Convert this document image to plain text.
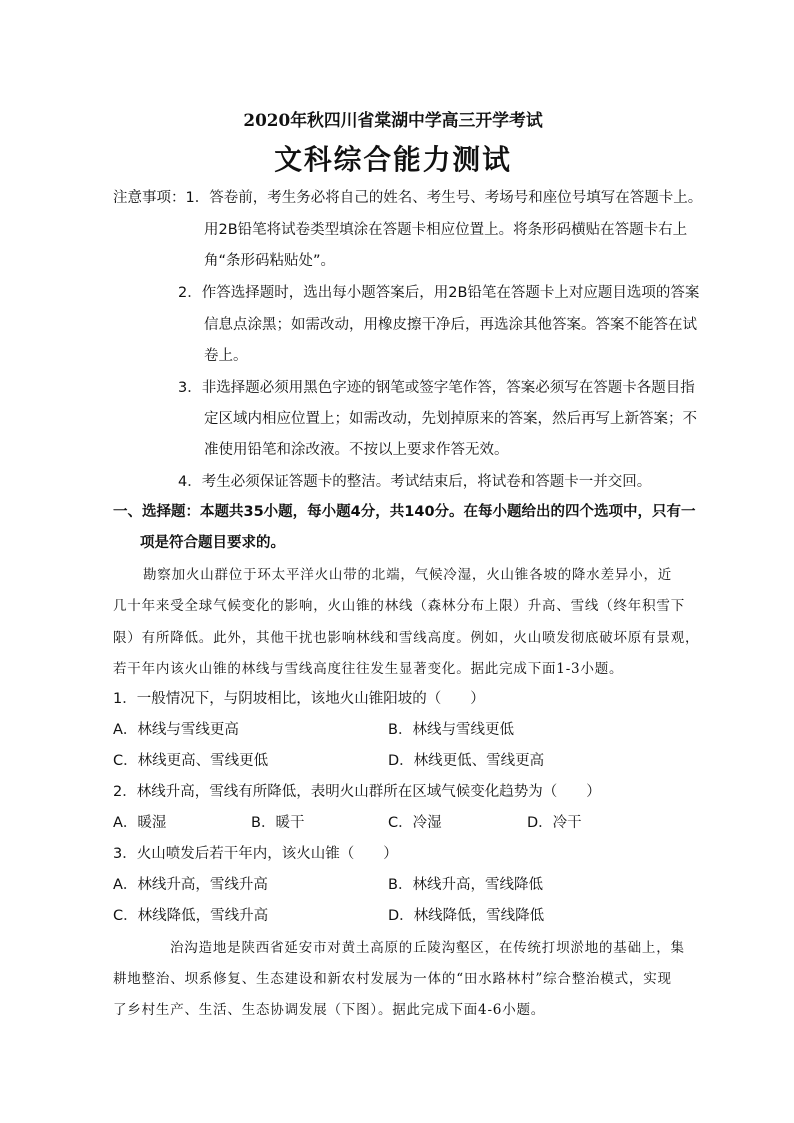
2020年秋四川省棠湖中学高三开学考试
文科综合能力测试
注意事项：1．答卷前，考生务必将自己的姓名、考生号、考场号和座位号填写在答题卡上。
用2B铅笔将试卷类型填涂在答题卡相应位置上。将条形码横贴在答题卡右上
角“条形码粘贴处”。
2．作答选择题时，选出每小题答案后，用2B铅笔在答题卡上对应题目选项的答案
信息点涂黑；如需改动，用橡皮擦干净后，再选涂其他答案。答案不能答在试
卷上。
3．非选择题必须用黑色字迹的钢笔或签字笔作答，答案必须写在答题卡各题目指
定区域内相应位置上；如需改动，先划掉原来的答案，然后再写上新答案；不
准使用铅笔和涂改液。不按以上要求作答无效。
4．考生必须保证答题卡的整洁。考试结束后，将试卷和答题卡一并交回。
一、选择题：本题共35小题，每小题4分，共140分。在每小题给出的四个选项中，只有一
项是符合题目要求的。
勘察加火山群位于环太平洋火山带的北端，气候冷湿，火山锥各坡的降水差异小，近
几十年来受全球气候变化的影响，火山锥的林线（森林分布上限）升高、雪线（终年积雪下
限）有所降低。此外，其他干扰也影响林线和雪线高度。例如，火山喷发彻底破坏原有景观，
若干年内该火山锥的林线与雪线高度往往发生显著变化。据此完成下面1-3小题。
1．一般情况下，与阴坡相比，该地火山锥阳坡的（　　）
A．林线与雪线更高	B．林线与雪线更低
C．林线更高、雪线更低	D．林线更低、雪线更高
2．林线升高，雪线有所降低，表明火山群所在区域气候变化趋势为（　　）
A．暖湿	B．暖干	C．冷湿	D．冷干
3．火山喷发后若干年内，该火山锥（　　）
A．林线升高，雪线升高	B．林线升高，雪线降低
C．林线降低，雪线升高	D．林线降低，雪线降低
治沟造地是陕西省延安市对黄土高原的丘陵沟壑区，在传统打坝淤地的基础上，集
耕地整治、坝系修复、生态建设和新农村发展为一体的“田水路林村”综合整治模式，实现
了乡村生产、生活、生态协调发展（下图）。据此完成下面4-6小题。
